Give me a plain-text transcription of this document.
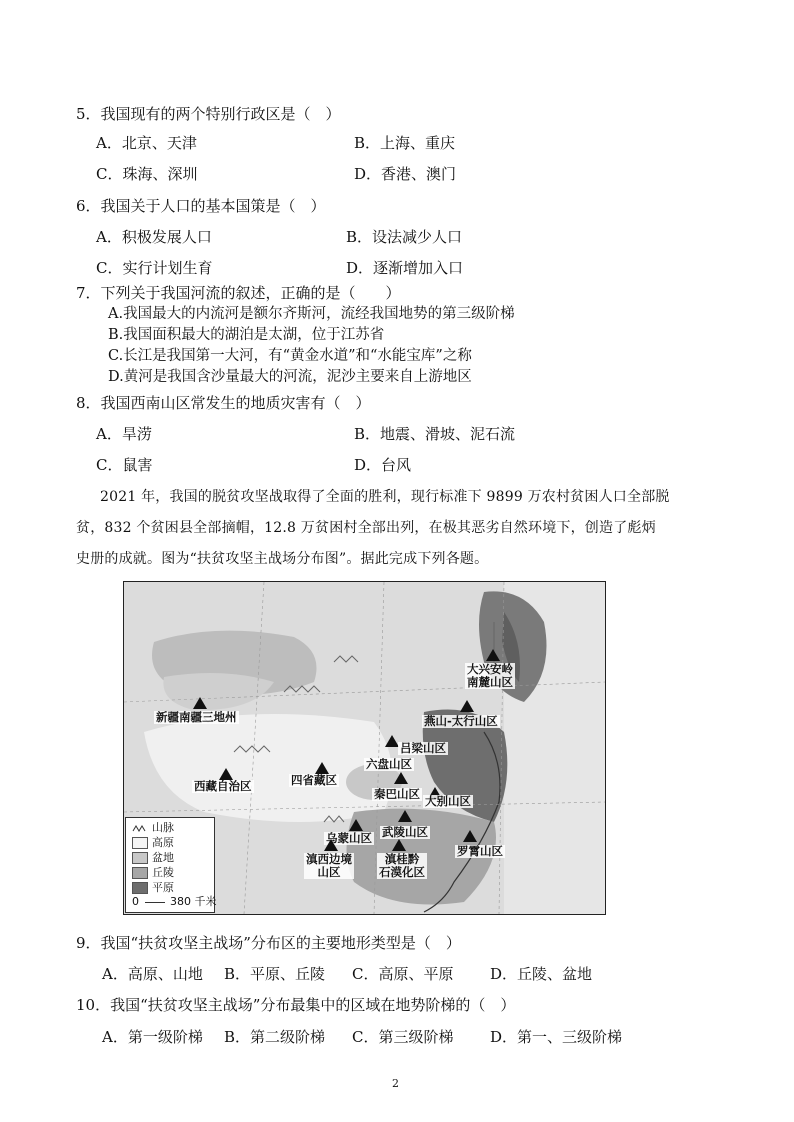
5．我国现有的两个特别行政区是（　）
A．北京、天津	B．上海、重庆
C．珠海、深圳	D．香港、澳门
6．我国关于人口的基本国策是（　）
A．积极发展人口	B．设法减少人口
C．实行计划生育	D．逐渐增加入口
7．下列关于我国河流的叙述，正确的是（　　）
A.我国最大的内流河是额尔齐斯河，流经我国地势的第三级阶梯
B.我国面积最大的湖泊是太湖，位于江苏省
C.长江是我国第一大河，有“黄金水道”和“水能宝库”之称
D.黄河是我国含沙量最大的河流，泥沙主要来自上游地区
8．我国西南山区常发生的地质灾害有（　）
A．旱涝	B．地震、滑坡、泥石流
C．鼠害	D．台风
2021 年，我国的脱贫攻坚战取得了全面的胜利，现行标准下 9899 万农村贫困人口全部脱
贫，832 个贫困县全部摘帽，12.8 万贫困村全部出列，在极其恶劣自然环境下，创造了彪炳
史册的成就。图为“扶贫攻坚主战场分布图”。据此完成下列各题。
大兴安岭
南麓山区
新疆南疆三地州	燕山-太行山区
吕梁山区
六盘山区
西藏自治区	四省藏区
秦巴山区 大别山区
乌蒙山区 武陵山区
罗霄山区
滇西边境
山区
滇桂黔
石漠化区
山脉
高原
盆地
丘陵
平原
0	380 千米
9．我国“扶贫攻坚主战场”分布区的主要地形类型是（　）
A．高原、山地 B．平原、丘陵 C．高原、平原 D．丘陵、盆地
10．我国“扶贫攻坚主战场”分布最集中的区域在地势阶梯的（　）
A．第一级阶梯 B．第二级阶梯 C．第三级阶梯 D．第一、三级阶梯
2
